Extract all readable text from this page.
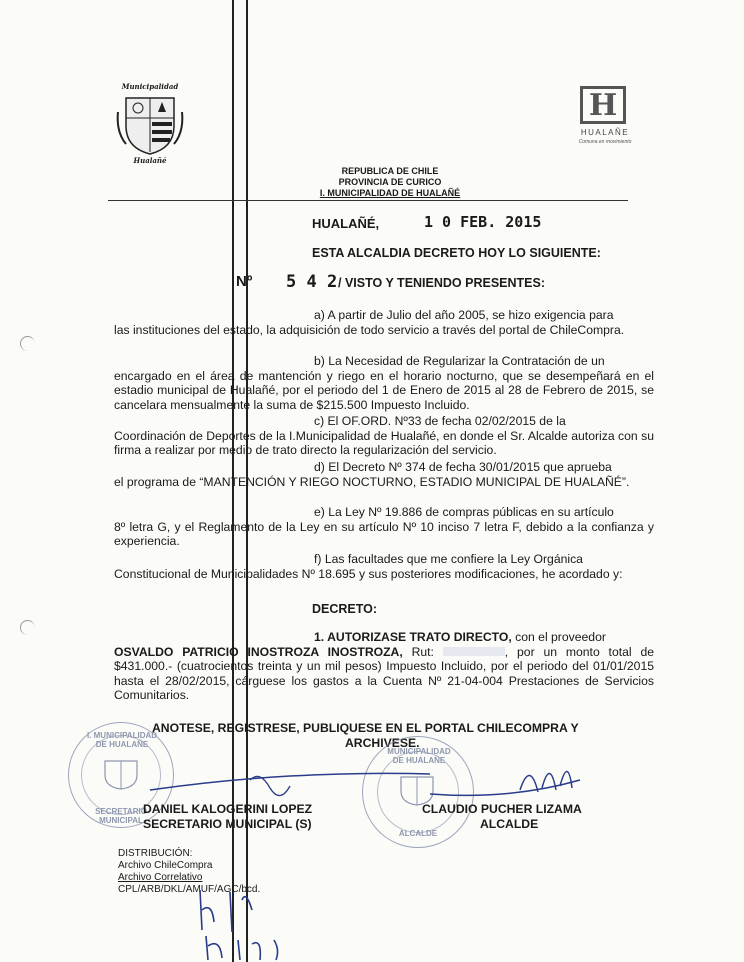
Municipalidad
Hualañé
H
HUALAÑE
Comuna en movimiento
REPUBLICA DE CHILE
PROVINCIA DE CURICO
I. MUNICIPALIDAD DE HUALAÑÉ
HUALAÑÉ,	1 0 FEB. 2015
ESTA ALCALDIA DECRETO HOY LO SIGUIENTE:
Nº 5 4 2 / VISTO Y TENIENDO PRESENTES:
a) A partir de Julio del año 2005, se hizo exigencia para
las instituciones del estado, la adquisición de todo servicio a través del portal de ChileCompra.
b) La Necesidad de Regularizar la Contratación de un
encargado en el área de mantención y riego en el horario nocturno, que se desempeñará en el estadio municipal de Hualañé, por el periodo del 1 de Enero de 2015 al 28 de Febrero de 2015, se cancelara mensualmente la suma de $215.500 Impuesto Incluido.
c) El OF.ORD. Nº33 de fecha 02/02/2015 de la
Coordinación de Deportes de la I.Municipalidad de Hualañé, en donde el Sr. Alcalde autoriza con su firma a realizar por medio de trato directo la regularización del servicio.
d) El Decreto Nº 374 de fecha 30/01/2015 que aprueba
el programa de “MANTENCIÓN Y RIEGO NOCTURNO, ESTADIO MUNICIPAL DE HUALAÑÉ”.
e) La Ley Nº 19.886 de compras públicas en su artículo
8º letra G, y el Reglamento de la Ley en su artículo Nº 10 inciso 7 letra F, debido a la confianza y experiencia.
f) Las facultades que me confiere la Ley Orgánica
Constitucional de Municipalidades Nº 18.695 y sus posteriores modificaciones, he acordado y:
DECRETO:
1. AUTORIZASE TRATO DIRECTO, con el proveedor
OSVALDO PATRICIO INOSTROZA INOSTROZA, Rut:	, por un monto total de $431.000.- (cuatrocientos treinta y un mil pesos) Impuesto Incluido, por el periodo del 01/01/2015 hasta el 28/02/2015, cárguese los gastos a la Cuenta Nº 21-04-004 Prestaciones de Servicios Comunitarios.
ANOTESE, REGISTRESE, PUBLIQUESE EN EL PORTAL CHILECOMPRA Y
ARCHIVESE.
I. MUNICIPALIDAD DE HUALAÑE
SECRETARIO MUNICIPAL
MUNICIPALIDAD DE HUALAÑE
ALCALDE
DANIEL KALOGERINI LOPEZ
SECRETARIO MUNICIPAL (S)
CLAUDIO PUCHER LIZAMA
ALCALDE
DISTRIBUCIÓN:
Archivo ChileCompra
Archivo Correlativo
CPL/ARB/DKL/AMUF/AGC/bcd.
